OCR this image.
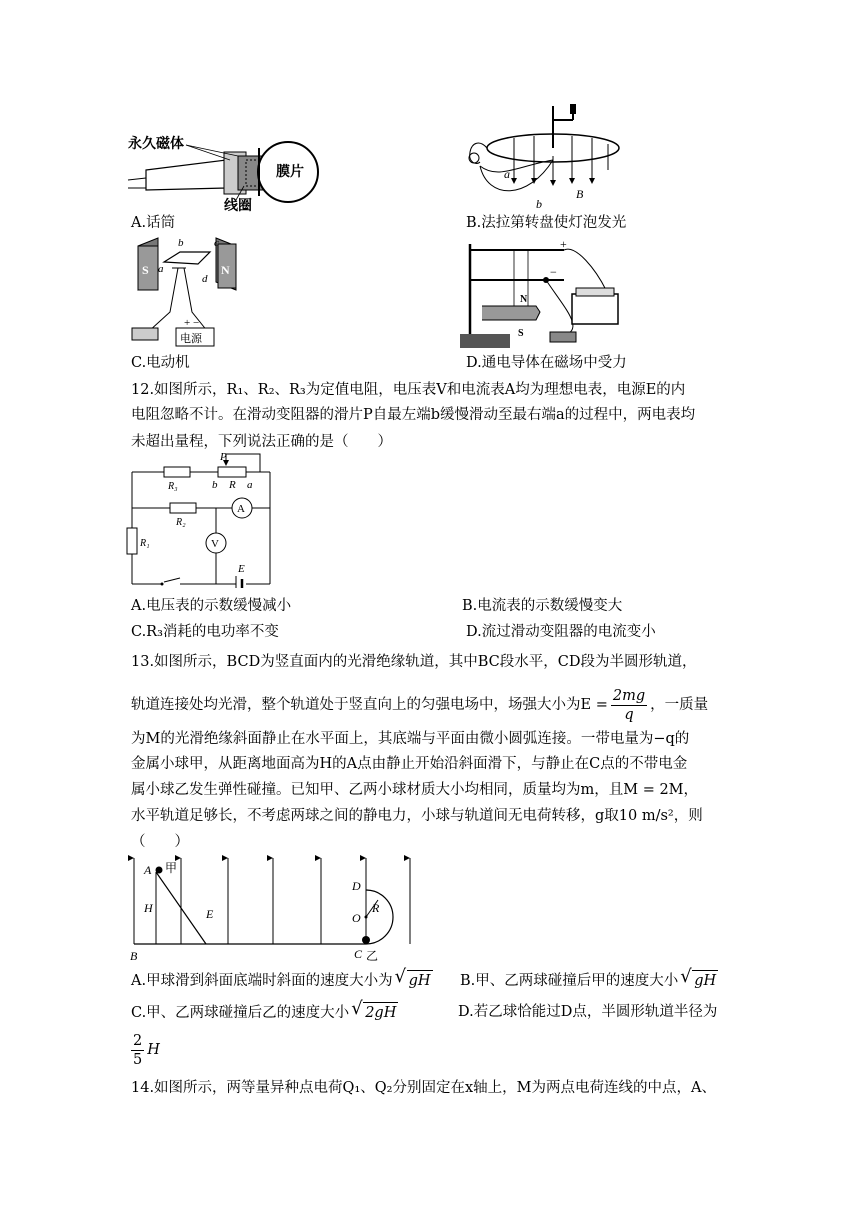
永久磁体
膜片
线圈
a
b
B
A.话筒	B.法拉第转盘使灯泡发光
S	N
a
b	c
d
+ −
电源
N
S
+
−
C.电动机	D.通电导体在磁场中受力
12.如图所示，R₁、R₂、R₃为定值电阻，电压表V和电流表A均为理想电表，电源E的内
电阻忽略不计。在滑动变阻器的滑片P自最左端b缓慢滑动至最右端a的过程中，两电表均
未超出量程，下列说法正确的是（　　）
R₃
R₂
R₁
R
P
b	a
A
V
E
A.电压表的示数缓慢减小	B.电流表的示数缓慢变大
C.R₃消耗的电功率不变	D.流过滑动变阻器的电流变小
13.如图所示，BCD为竖直面内的光滑绝缘轨道，其中BC段水平，CD段为半圆形轨道，
轨道连接处均光滑，整个轨道处于竖直向上的匀强电场中，场强大小为$E = \frac{2mg}{q}$ ，一质量
为M的光滑绝缘斜面静止在水平面上，其底端与平面由微小圆弧连接。一带电量为−q的
金属小球甲，从距离地面高为H的A点由静止开始沿斜面滑下，与静止在C点的不带电金
属小球乙发生弹性碰撞。已知甲、乙两小球材质大小均相同，质量均为m，且M = 2M，
水平轨道足够长，不考虑两球之间的静电力，小球与轨道间无电荷转移，g取10 m/s²，则
（　　）
A 甲
H	E
B
D
O
R
C 乙
A.甲球滑到斜面底端时斜面的速度大小为 √ gH B.甲、乙两球碰撞后甲的速度大小 √ gH
C.甲、乙两球碰撞后乙的速度大小 √ 2gH	D.若乙球恰能过D点，半圆形轨道半径为
$\frac{2}{5}$ H
14.如图所示，两等量异种点电荷Q₁、Q₂分别固定在x轴上，M为两点电荷连线的中点，A、
